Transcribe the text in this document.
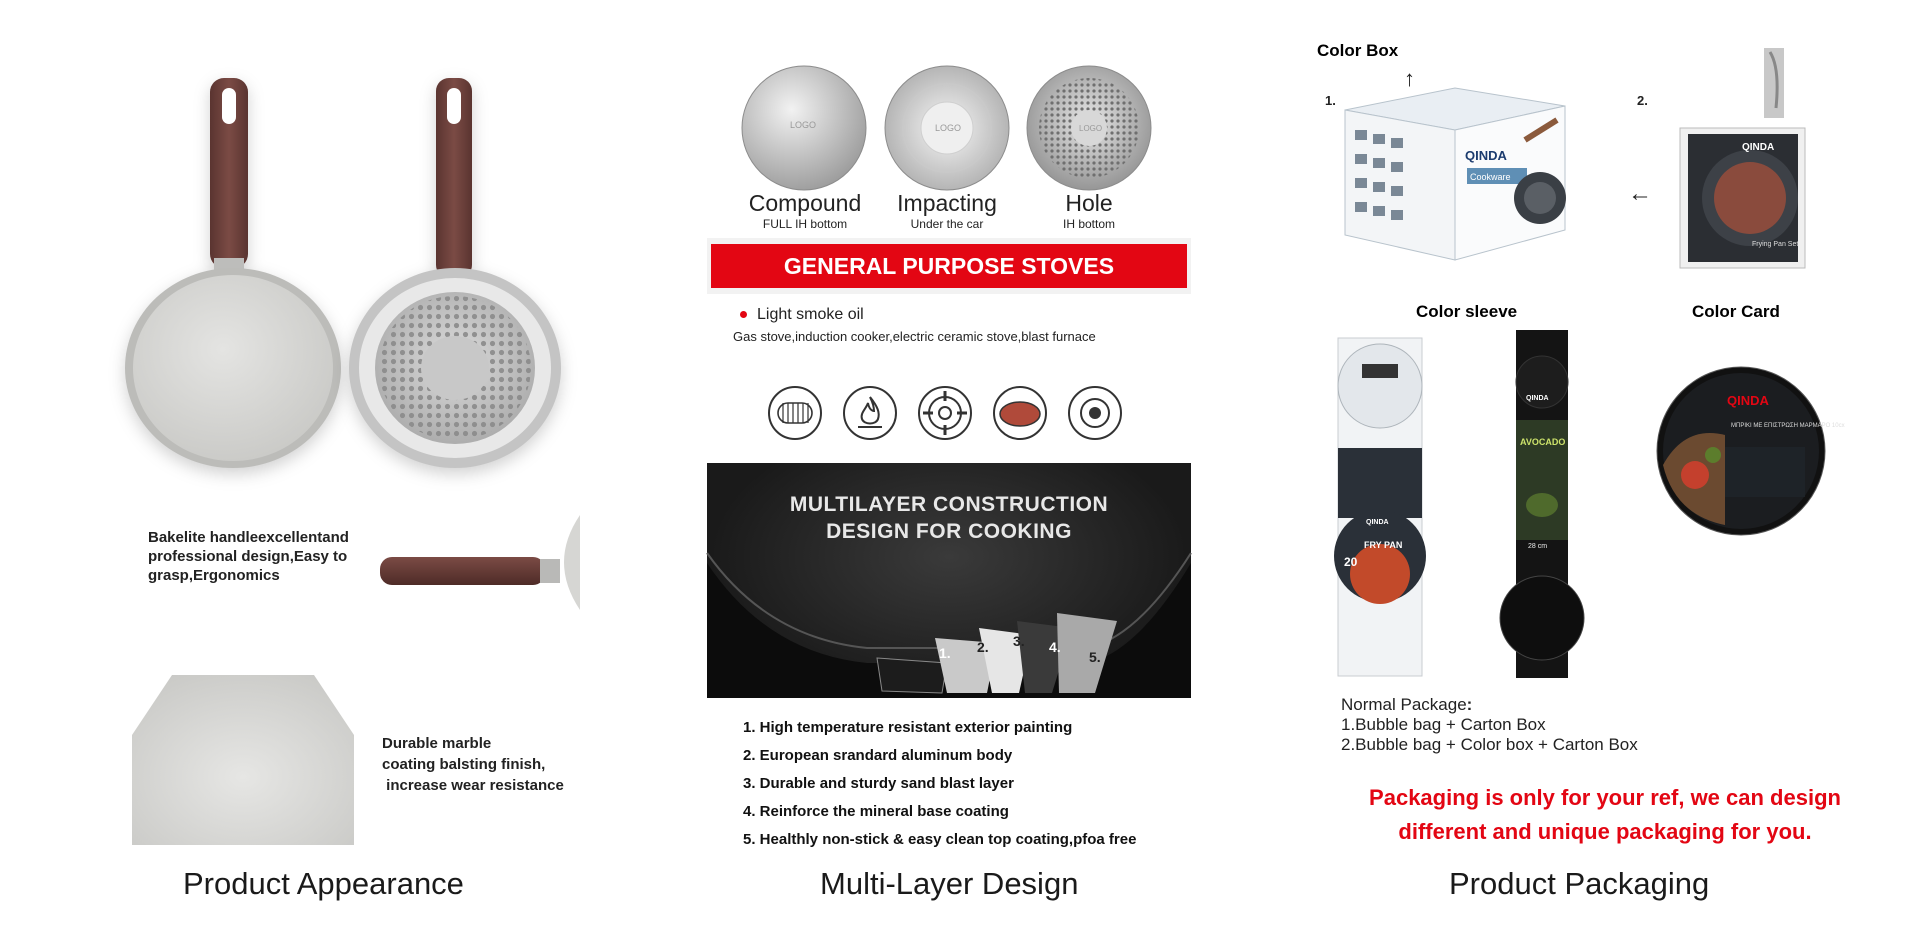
Bakelite handleexcellentand
professional design,Easy to
grasp,Ergonomics
Durable marble
coating balsting finish,
increase wear resistance
Product Appearance
LOGO	LOGO	LOGO
Compound
FULL IH bottom
Impacting
Under the car
Hole
IH bottom
GENERAL PURPOSE STOVES
Light smoke oil
Gas stove,induction cooker,electric ceramic stove,blast furnace
MULTILAYER CONSTRUCTION
DESIGN FOR COOKING
1. 2. 3. 4.
5.
1. High temperature resistant exterior painting
2. European srandard aluminum body
3. Durable and sturdy sand blast layer
4. Reinforce the mineral base coating
5. Healthly non-stick & easy clean top coating,pfoa free
Multi-Layer Design
Color Box
↑
1.
QINDA
Cookware
2.
←
QINDA
Frying Pan Set
Color sleeve	Color Card
FRY PAN
20
QINDA
AVOCADO
28 cm
QINDA	QINDA
ΜΠΡΙΚΙ ΜΕ ΕΠΙΣΤΡΩΣΗ ΜΑΡΜΑΡΟ 10cx
Normal Package:
1.Bubble bag + Carton Box
2.Bubble bag + Color box + Carton Box
Packaging is only for your ref, we can design
different and unique packaging for you.
Product Packaging
